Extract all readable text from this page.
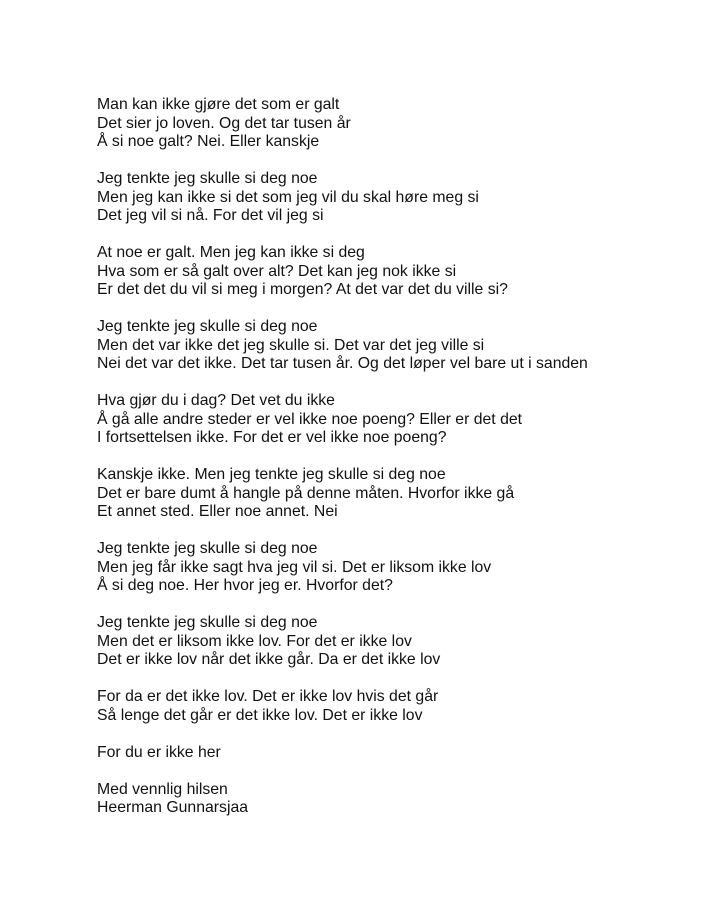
Man kan ikke gjøre det som er galt
Det sier jo loven. Og det tar tusen år
Å si noe galt? Nei. Eller kanskje
Jeg tenkte jeg skulle si deg noe
Men jeg kan ikke si det som jeg vil du skal høre meg si
Det jeg vil si nå. For det vil jeg si
At noe er galt. Men jeg kan ikke si deg
Hva som er så galt over alt? Det kan jeg nok ikke si
Er det det du vil si meg i morgen? At det var det du ville si?
Jeg tenkte jeg skulle si deg noe
Men det var ikke det jeg skulle si. Det var det jeg ville si
Nei det var det ikke. Det tar tusen år. Og det løper vel bare ut i sanden
Hva gjør du i dag? Det vet du ikke
Å gå alle andre steder er vel ikke noe poeng? Eller er det det
I fortsettelsen ikke. For det er vel ikke noe poeng?
Kanskje ikke. Men jeg tenkte jeg skulle si deg noe
Det er bare dumt å hangle på denne måten. Hvorfor ikke gå
Et annet sted. Eller noe annet. Nei
Jeg tenkte jeg skulle si deg noe
Men jeg får ikke sagt hva jeg vil si. Det er liksom ikke lov
Å si deg noe. Her hvor jeg er. Hvorfor det?
Jeg tenkte jeg skulle si deg noe
Men det er liksom ikke lov. For det er ikke lov
Det er ikke lov når det ikke går. Da er det ikke lov
For da er det ikke lov. Det er ikke lov hvis det går
Så lenge det går er det ikke lov. Det er ikke lov
For du er ikke her
Med vennlig hilsen
Heerman Gunnarsjaa
